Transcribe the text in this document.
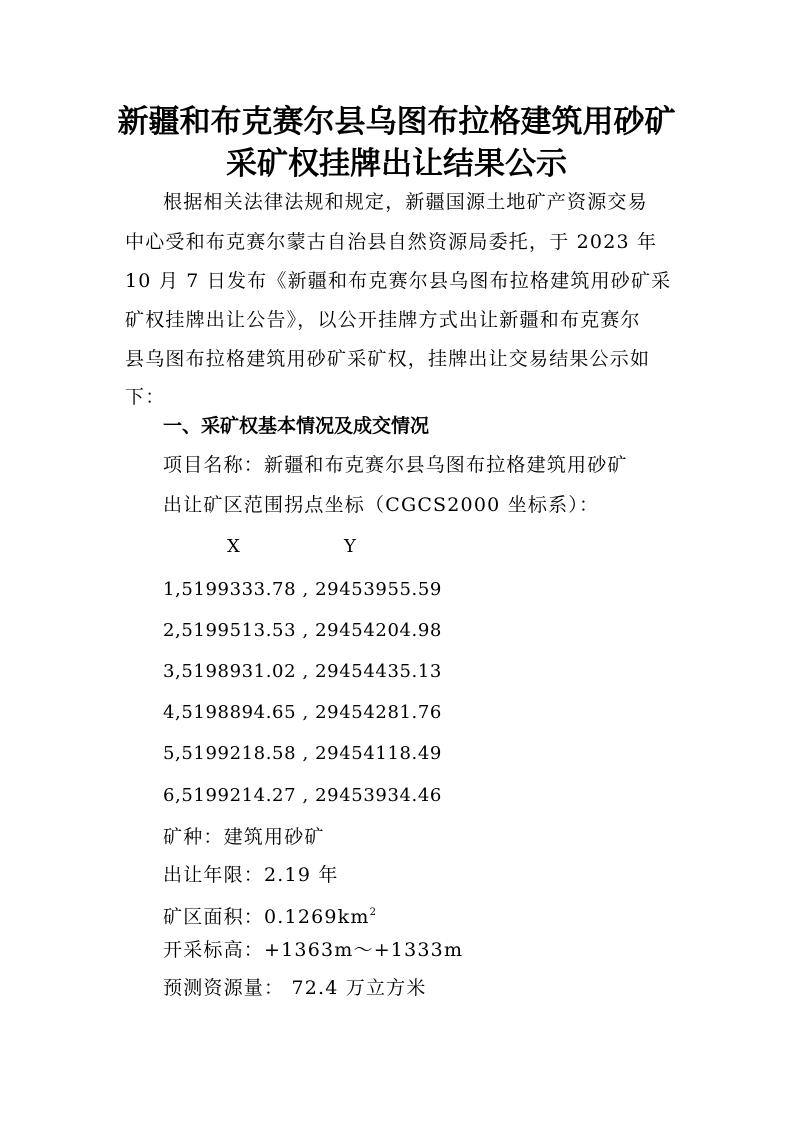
新疆和布克赛尔县乌图布拉格建筑用砂矿
采矿权挂牌出让结果公示
根据相关法律法规和规定，新疆国源土地矿产资源交易
中心受和布克赛尔蒙古自治县自然资源局委托，于 2023 年
10 月 7 日发布《新疆和布克赛尔县乌图布拉格建筑用砂矿采
矿权挂牌出让公告》，以公开挂牌方式出让新疆和布克赛尔
县乌图布拉格建筑用砂矿采矿权，挂牌出让交易结果公示如
下：
一、采矿权基本情况及成交情况
项目名称：新疆和布克赛尔县乌图布拉格建筑用砂矿
出让矿区范围拐点坐标（CGCS2000 坐标系）：
X	Y
1,5199333.78 , 29453955.59
2,5199513.53 , 29454204.98
3,5198931.02 , 29454435.13
4,5198894.65 , 29454281.76
5,5199218.58 , 29454118.49
6,5199214.27 , 29453934.46
矿种：建筑用砂矿
出让年限：2.19 年
矿区面积：$0.1269km^2$
开采标高：+1363m～+1333m
预测资源量： 72.4 万立方米
